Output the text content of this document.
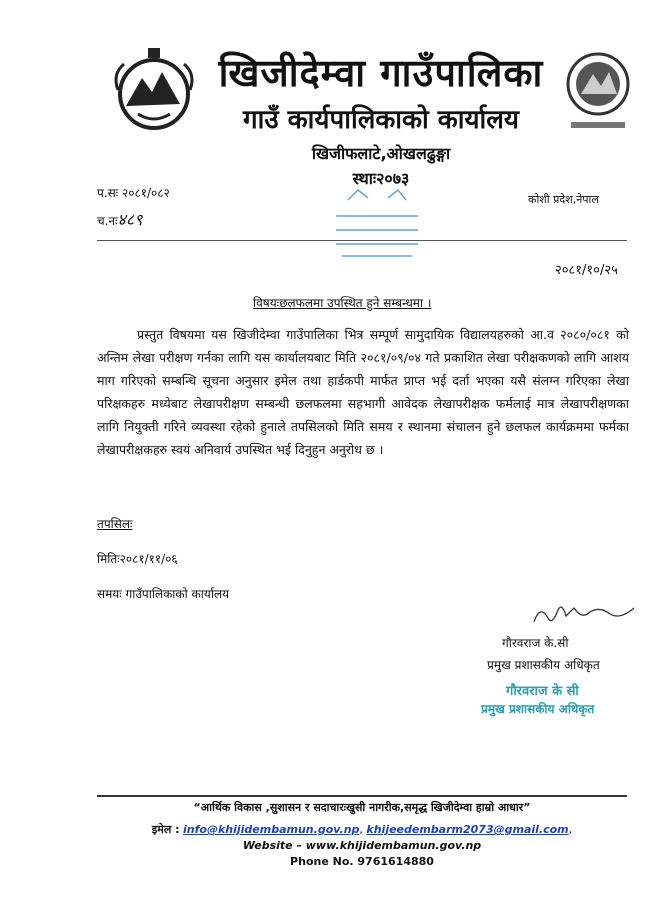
खिजीदेम्वा गाउँपालिका
गाउँ कार्यपालिकाको कार्यालय
खिजीफलाटे,ओखलढुङ्गा
स्थाः२०७३
प.सः २०८१/०८२
च.नः४८९
कोशी प्रदेश,नेपाल
२०८१/१०/२५
विषयःछलफलमा उपस्थित हुने सम्बन्धमा ।

प्रस्तुत विषयमा यस खिजीदेम्वा गाउँपालिका भित्र सम्पूर्ण सामुदायिक विद्यालयहरुको आ.व २०८०/०८१ को अन्तिम लेखा परीक्षण गर्नका लागि यस कार्यालयबाट मिति २०८१/०९/०४ गते प्रकाशित लेखा परीक्षकणको लागि आशय माग गरिएको सम्बन्धि सूचना अनुसार इमेल तथा हार्डकपी मार्फत प्राप्त भई दर्ता भएका यसै संलग्न गरिएका लेखा परिक्षकहरु मध्येबाट लेखापरीक्षण सम्बन्धी छलफलमा सहभागी आवेदक लेखापरीक्षक फर्मलाई मात्र लेखापरीक्षणका लागि नियुक्ती गरिने व्यवस्था रहेको हुनाले तपसिलको मिति समय र स्थानमा संचालन हुने छलफल कार्यक्रममा फर्मका लेखापरीक्षकहरु स्वयं अनिवार्य उपस्थित भई दिनुहुन अनुरोध छ ।

तपसिलः
मितिः२०८१/११/०६
समयः गाउँपालिकाको कार्यालय
गौरवराज के.सी
प्रमुख प्रशासकीय अधिकृत
गौरवराज के सी
प्रमुख प्रशासकीय अधिकृत
“आर्थिक विकास ,सुशासन र सदाचारःखुसी नागरीक,समृद्ध खिजीदेम्वा हाम्रो आधार”
इमेल : info@khijidembamun.gov.np, khijeedembarm2073@gmail.com,
Website – www.khijidembamun.gov.np
Phone No. 9761614880
